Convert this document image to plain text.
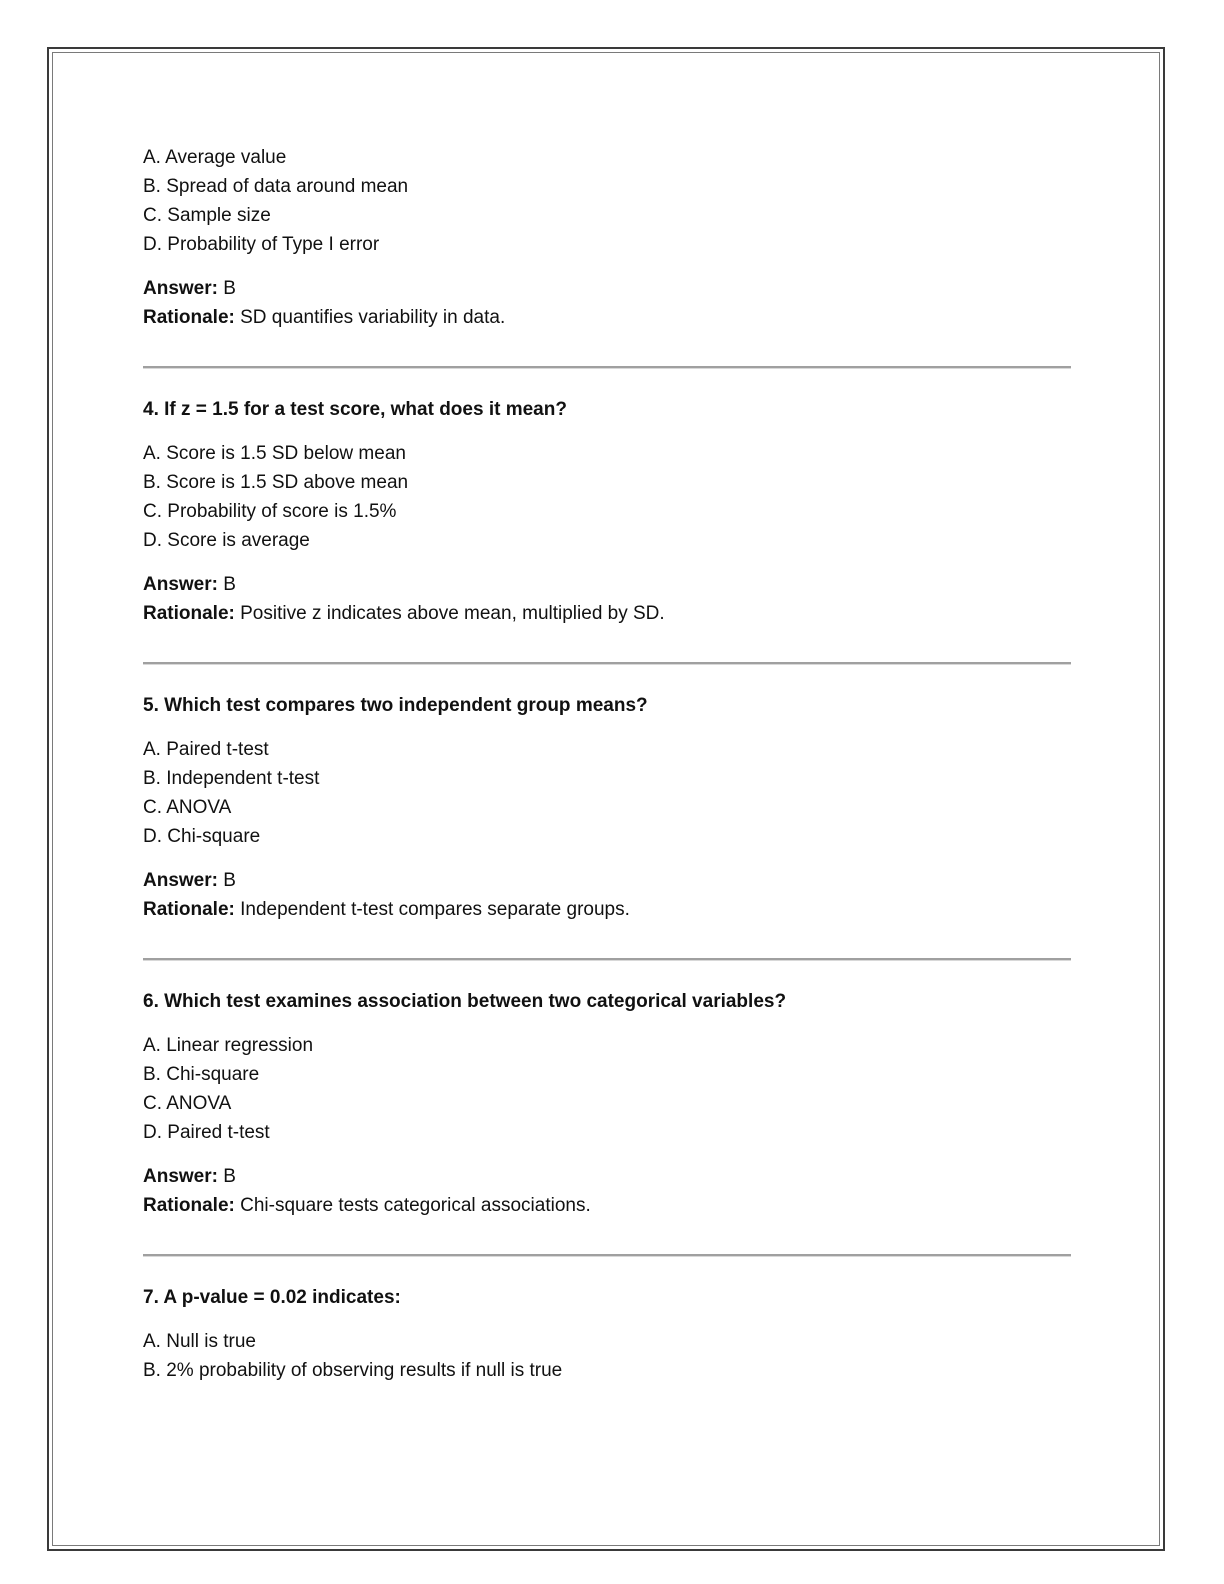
A. Average value
B. Spread of data around mean
C. Sample size
D. Probability of Type I error
Answer: B
Rationale: SD quantifies variability in data.
4. If z = 1.5 for a test score, what does it mean?
A. Score is 1.5 SD below mean
B. Score is 1.5 SD above mean
C. Probability of score is 1.5%
D. Score is average
Answer: B
Rationale: Positive z indicates above mean, multiplied by SD.
5. Which test compares two independent group means?
A. Paired t-test
B. Independent t-test
C. ANOVA
D. Chi-square
Answer: B
Rationale: Independent t-test compares separate groups.
6. Which test examines association between two categorical variables?
A. Linear regression
B. Chi-square
C. ANOVA
D. Paired t-test
Answer: B
Rationale: Chi-square tests categorical associations.
7. A p-value = 0.02 indicates:
A. Null is true
B. 2% probability of observing results if null is true
